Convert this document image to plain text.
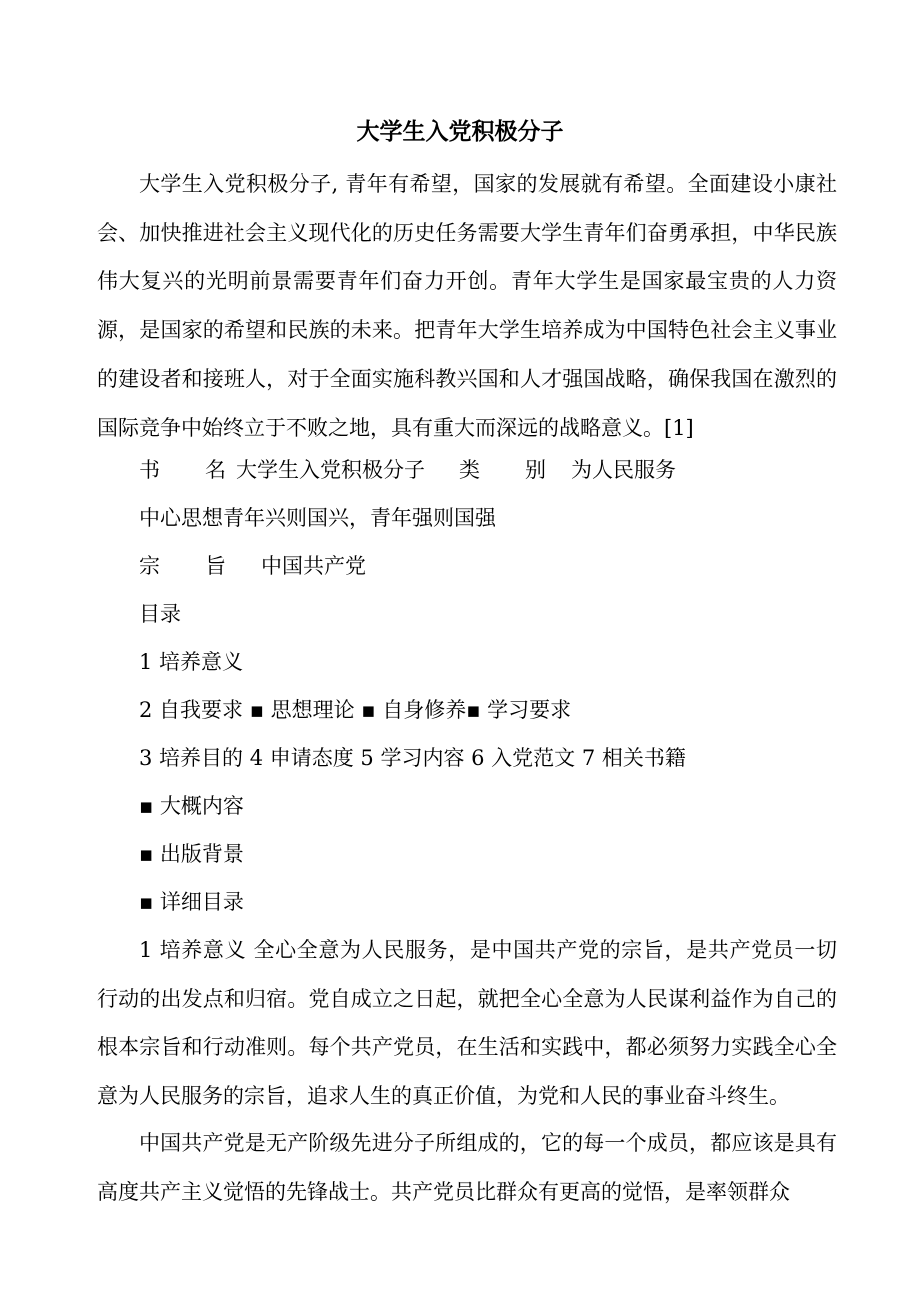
大学生入党积极分子

大学生入党积极分子, 青年有希望，国家的发展就有希望。全面建设小康社会、加快推进社会主义现代化的历史任务需要大学生青年们奋勇承担，中华民族伟大复兴的光明前景需要青年们奋力开创。青年大学生是国家最宝贵的人力资源，是国家的希望和民族的未来。把青年大学生培养成为中国特色社会主义事业的建设者和接班人，对于全面实施科教兴国和人才强国战略，确保我国在激烈的国际竞争中始终立于不败之地，具有重大而深远的战略意义。[1]

书 名 大学生入党积极分子 类 别 为人民服务
中心思想青年兴则国兴，青年强则国强
宗 旨 中国共产党
目录
1 培养意义
2 自我要求 ▪ 思想理论 ▪ 自身修养▪ 学习要求
3 培养目的 4 申请态度 5 学习内容 6 入党范文 7 相关书籍
▪ 大概内容
▪ 出版背景
▪ 详细目录

1 培养意义 全心全意为人民服务，是中国共产党的宗旨，是共产党员一切行动的出发点和归宿。党自成立之日起，就把全心全意为人民谋利益作为自己的根本宗旨和行动准则。每个共产党员，在生活和实践中，都必须努力实践全心全意为人民服务的宗旨，追求人生的真正价值，为党和人民的事业奋斗终生。

中国共产党是无产阶级先进分子所组成的，它的每一个成员，都应该是具有高度共产主义觉悟的先锋战士。共产党员比群众有更高的觉悟，是率领群众
